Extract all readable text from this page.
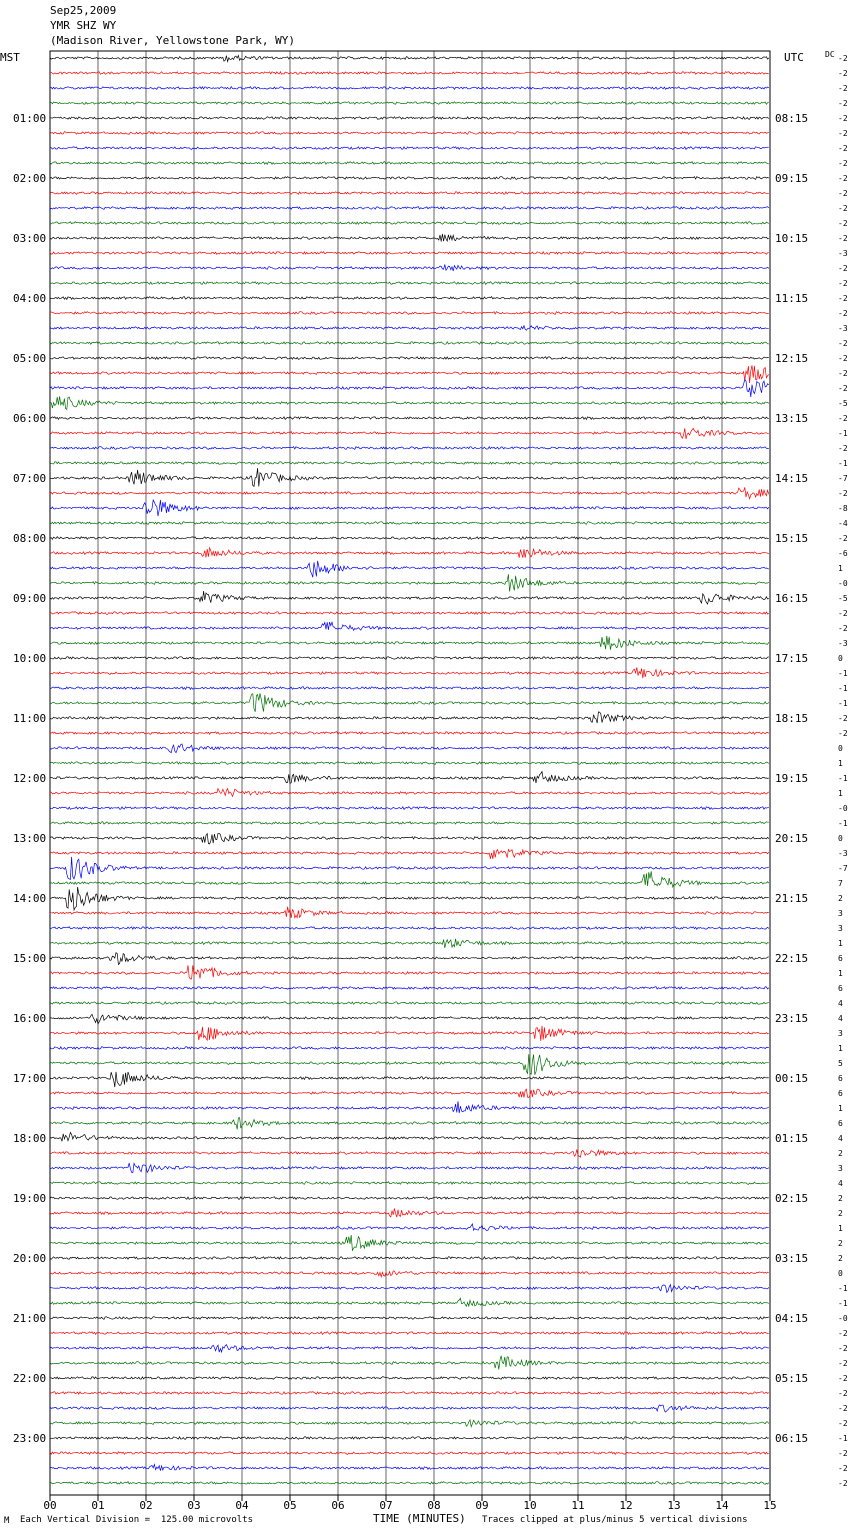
Sep25,2009
YMR SHZ WY
(Madison River, Yellowstone Park, WY)
00	01	02	03	04	05	06	07	08	09	10	11	12	13	14	15
MST	UTC
01:00
02:00
03:00
04:00
05:00
06:00
07:00
08:00
09:00
10:00
11:00
12:00
13:00
14:00
15:00
16:00
17:00
18:00
19:00
20:00
21:00
22:00
23:00
08:15
09:15
10:15
11:15
12:15
13:15
14:15
15:15
16:15
17:15
18:15
19:15
20:15
21:15
22:15
23:15
00:15
01:15
02:15
03:15
04:15
05:15
06:15
DC -2
-2
-2
-2
-2
-2
-2
-2
-2
-2
-2
-2
-2
-3
-2
-2
-2
-2
-3
-2
-2
-2
-2
-5
-2
-1
-2
-1
-7
-2
-8
-4
-2
-6
1
-0
-5
-2
-2
-3
0
-1
-1
-1
-2
-2
0
1
-1
1
-0
-1
0
-3
-7
7
2
3
3
1
6
1
6
4
4
3
1
5
6
6
1
6
4
2
3
4
2
2
1
2
2
0
-1
-1
-0
-2
-2
-2
-2
-2
-2
-2
-1
-2
-2
-2
M Each Vertical Division =  125.00 microvolts	Traces clipped at plus/minus 5 vertical divisions
TIME (MINUTES)
